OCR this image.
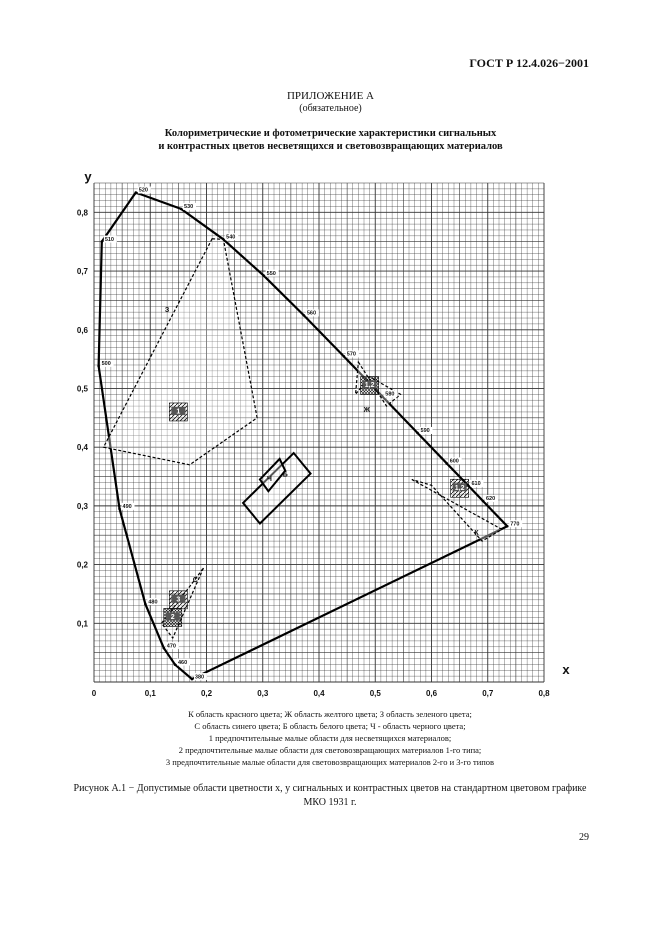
ГОСТ Р 12.4.026−2001
ПРИЛОЖЕНИЕ А
(обязательное)
Колориметрические и фотометрические характеристики сигнальных
и контрастных цветов несветящихся и световозвращающих материалов
З
Ж
К
С
Б
Ч
1
2
3
1,2
1,2
0	0,1	0,2	0,3	0,4	0,5	0,6	0,7	0,8
0,1
0,2
0,3
0,4
0,5
0,6
0,7
0,8
x
y
460
470
480
490
500
510
520
530
540
550
560
570
580
590
600
610
620
770
380
К область красного цвета; Ж область желтого цвета; З область зеленого цвета;
С область синего цвета; Б область белого цвета; Ч - область черного цвета;
1 предпочтительные малые области для несветящихся материалов;
2 предпочтительные малые области для световозвращающих материалов 1-го типа;
3 предпочтительные малые области для световозвращающих материалов 2-го и 3-го типов
Рисунок А.1 − Допустимые области цветности x, y сигнальных и контрастных цветов на стандартном цветовом графике МКО 1931 г.
29
